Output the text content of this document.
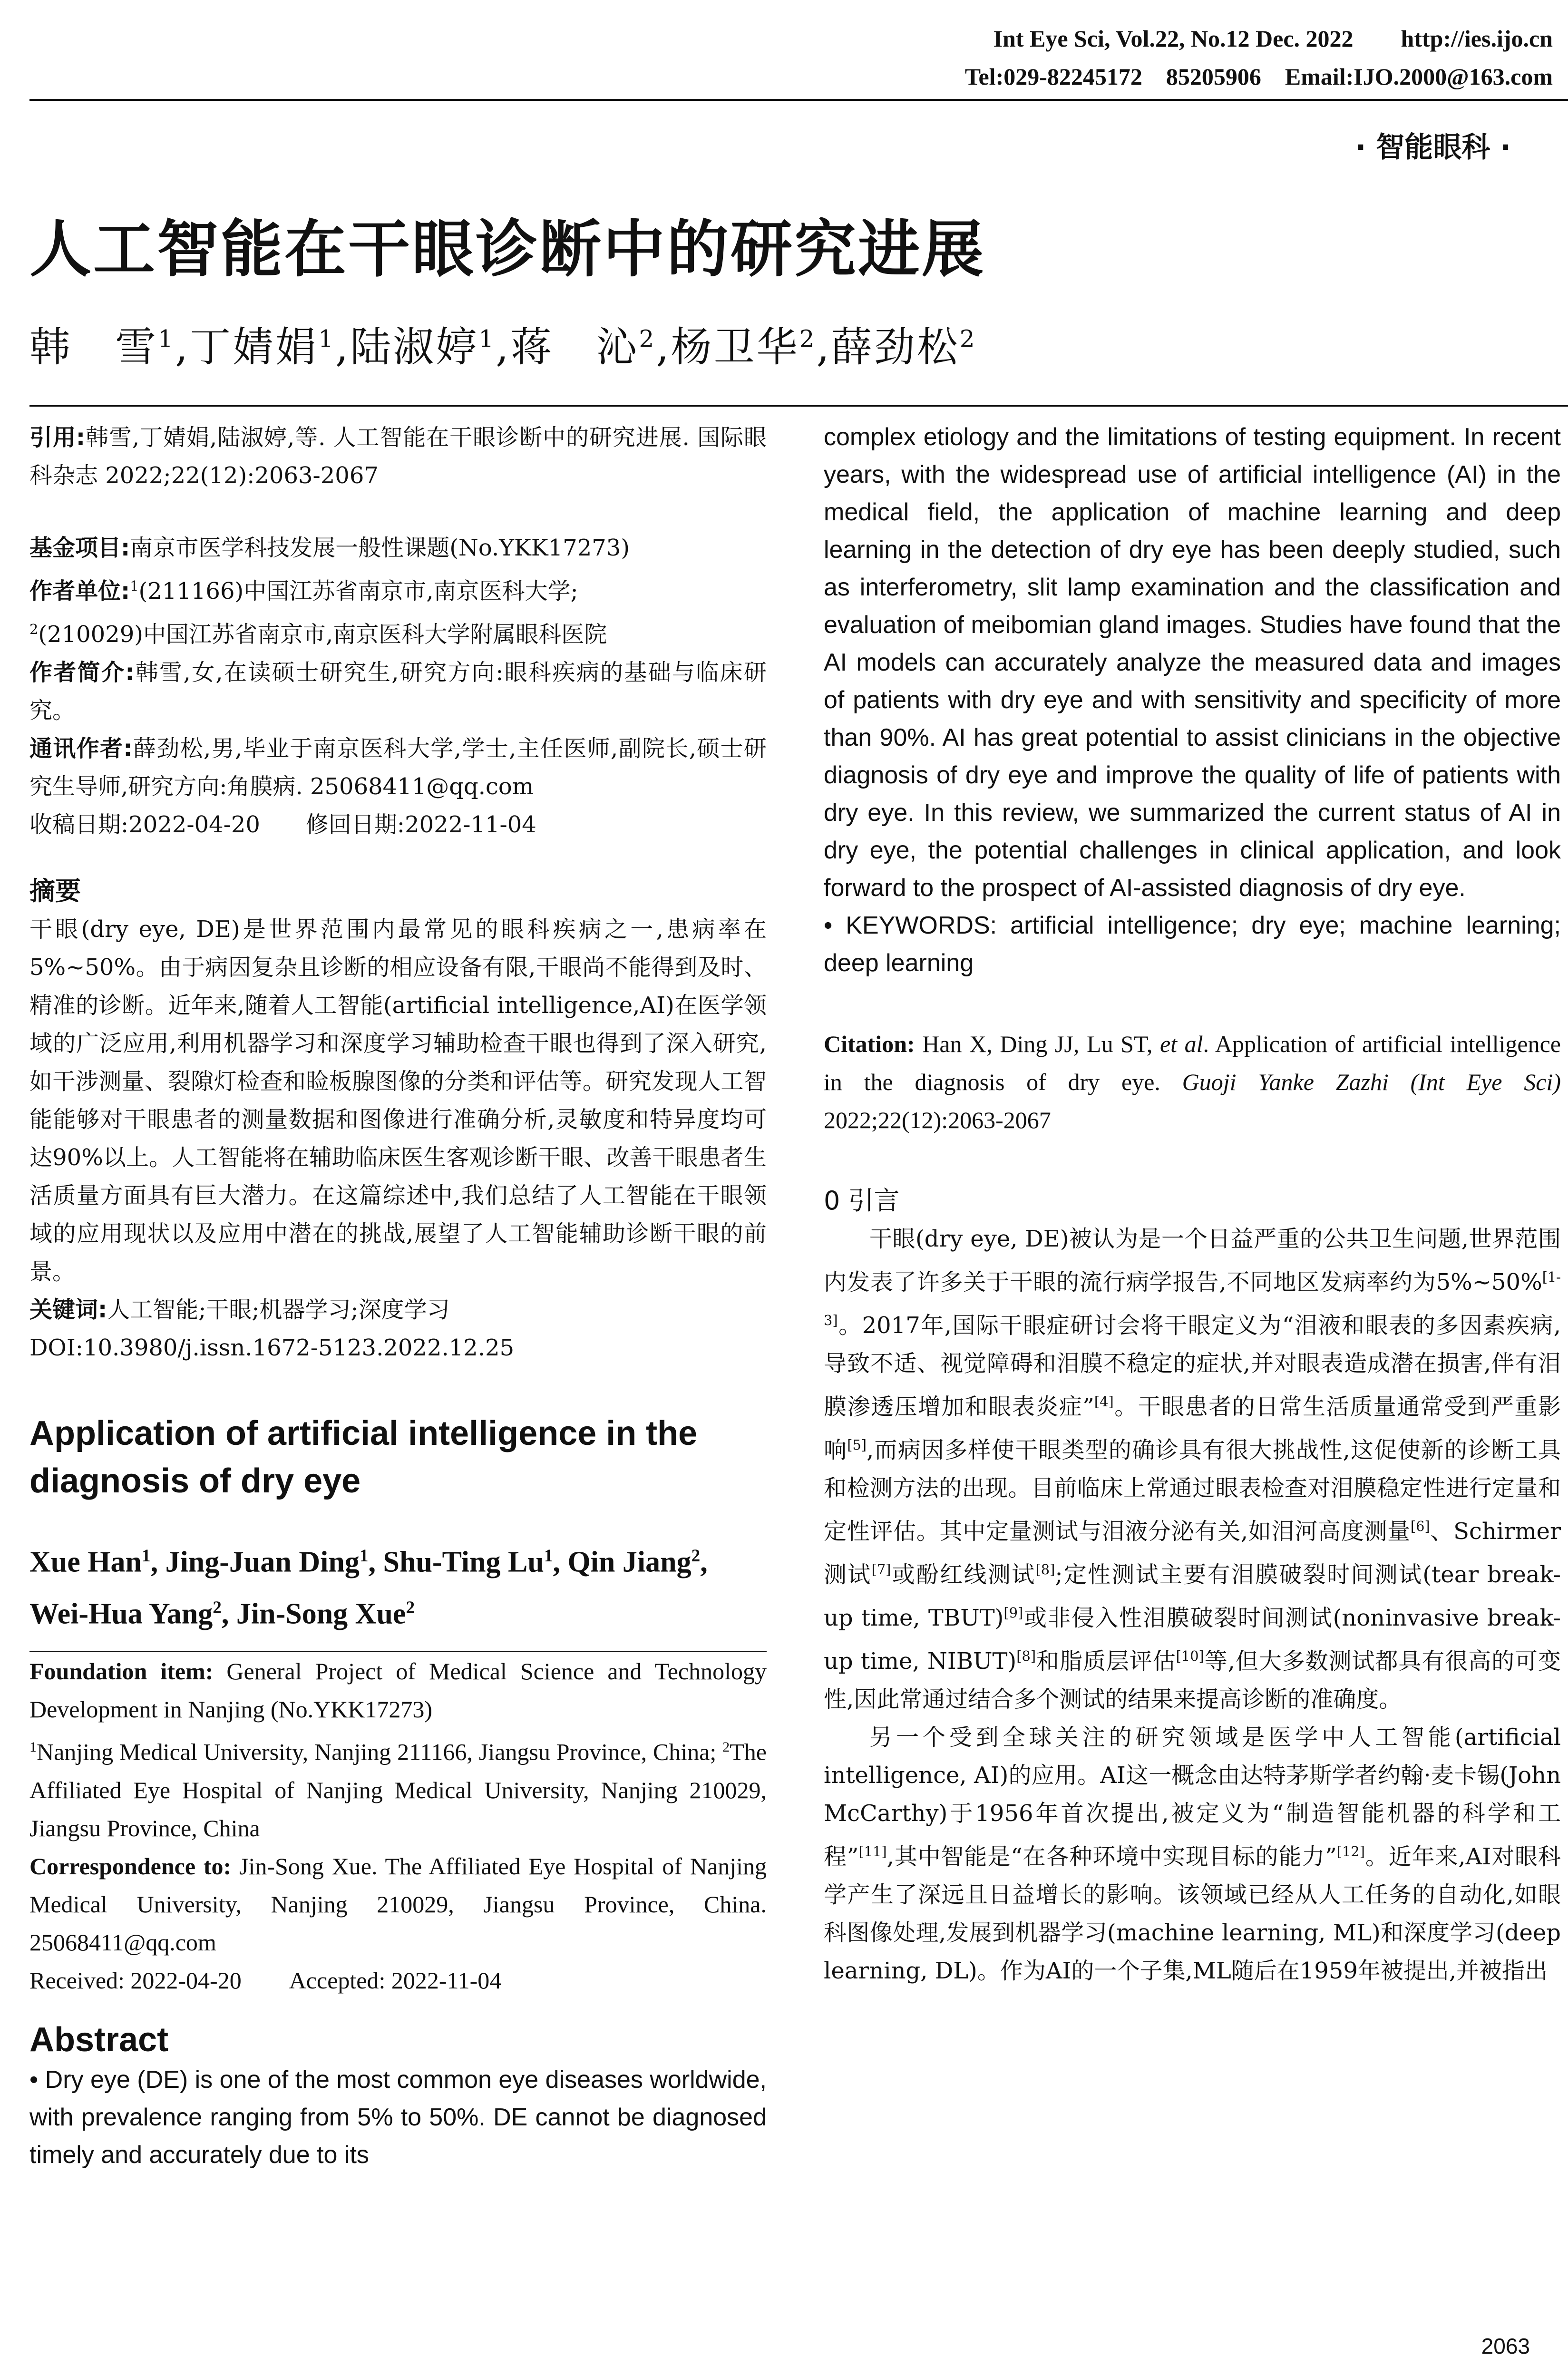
Int Eye Sci, Vol.22, No.12 Dec. 2022        http://ies.ijo.cn
Tel:029-82245172    85205906    Email:IJO.2000@163.com
· 智能眼科 ·
人工智能在干眼诊断中的研究进展
韩　雪$^1$,丁婧娟$^1$,陆淑婷$^1$,蒋　沁$^2$,杨卫华$^2$,薛劲松$^2$

引用:韩雪,丁婧娟,陆淑婷,等. 人工智能在干眼诊断中的研究进展. 国际眼科杂志 2022;22(12):2063-2067

基金项目:南京市医学科技发展一般性课题(No.YKK17273)

作者单位:$^1$(211166)中国江苏省南京市,南京医科大学;
$^2$(210029)中国江苏省南京市,南京医科大学附属眼科医院

作者简介:韩雪,女,在读硕士研究生,研究方向:眼科疾病的基础与临床研究。

通讯作者:薛劲松,男,毕业于南京医科大学,学士,主任医师,副院长,硕士研究生导师,研究方向:角膜病. 25068411@qq.com

收稿日期:2022-04-20　　修回日期:2022-11-04

摘要

干眼(dry eye, DE)是世界范围内最常见的眼科疾病之一,患病率在5%~50%。由于病因复杂且诊断的相应设备有限,干眼尚不能得到及时、精准的诊断。近年来,随着人工智能(artificial intelligence,AI)在医学领域的广泛应用,利用机器学习和深度学习辅助检查干眼也得到了深入研究,如干涉测量、裂隙灯检查和睑板腺图像的分类和评估等。研究发现人工智能能够对干眼患者的测量数据和图像进行准确分析,灵敏度和特异度均可达90%以上。人工智能将在辅助临床医生客观诊断干眼、改善干眼患者生活质量方面具有巨大潜力。在这篇综述中,我们总结了人工智能在干眼领域的应用现状以及应用中潜在的挑战,展望了人工智能辅助诊断干眼的前景。

关键词:人工智能;干眼;机器学习;深度学习

DOI:10.3980/j.issn.1672-5123.2022.12.25

Application of artificial intelligence in the diagnosis of dry eye
Xue Han$^1$, Jing-Juan Ding$^1$, Shu-Ting Lu$^1$, Qin Jiang$^2$, Wei-Hua Yang$^2$, Jin-Song Xue$^2$

Foundation item: General Project of Medical Science and Technology Development in Nanjing (No.YKK17273)

$^1$Nanjing Medical University, Nanjing 211166, Jiangsu Province, China; $^2$The Affiliated Eye Hospital of Nanjing Medical University, Nanjing 210029, Jiangsu Province, China

Correspondence to: Jin-Song Xue. The Affiliated Eye Hospital of Nanjing Medical University, Nanjing 210029, Jiangsu Province, China. 25068411@qq.com

Received: 2022-04-20　　Accepted: 2022-11-04

Abstract

• Dry eye (DE) is one of the most common eye diseases worldwide, with prevalence ranging from 5% to 50%. DE cannot be diagnosed timely and accurately due to its

complex etiology and the limitations of testing equipment. In recent years, with the widespread use of artificial intelligence (AI) in the medical field, the application of machine learning and deep learning in the detection of dry eye has been deeply studied, such as interferometry, slit lamp examination and the classification and evaluation of meibomian gland images. Studies have found that the AI models can accurately analyze the measured data and images of patients with dry eye and with sensitivity and specificity of more than 90%. AI has great potential to assist clinicians in the objective diagnosis of dry eye and improve the quality of life of patients with dry eye. In this review, we summarized the current status of AI in dry eye, the potential challenges in clinical application, and look forward to the prospect of AI-assisted diagnosis of dry eye.

• KEYWORDS: artificial intelligence; dry eye; machine learning; deep learning

Citation: Han X, Ding JJ, Lu ST, et al. Application of artificial intelligence in the diagnosis of dry eye. Guoji Yanke Zazhi (Int Eye Sci) 2022;22(12):2063-2067

0 引言

干眼(dry eye, DE)被认为是一个日益严重的公共卫生问题,世界范围内发表了许多关于干眼的流行病学报告,不同地区发病率约为5%~50%[1-3]。2017年,国际干眼症研讨会将干眼定义为“泪液和眼表的多因素疾病,导致不适、视觉障碍和泪膜不稳定的症状,并对眼表造成潜在损害,伴有泪膜渗透压增加和眼表炎症”[4]。干眼患者的日常生活质量通常受到严重影响[5],而病因多样使干眼类型的确诊具有很大挑战性,这促使新的诊断工具和检测方法的出现。目前临床上常通过眼表检查对泪膜稳定性进行定量和定性评估。其中定量测试与泪液分泌有关,如泪河高度测量[6]、Schirmer测试[7]或酚红线测试[8];定性测试主要有泪膜破裂时间测试(tear break-up time, TBUT)[9]或非侵入性泪膜破裂时间测试(noninvasive break-up time, NIBUT)[8]和脂质层评估[10]等,但大多数测试都具有很高的可变性,因此常通过结合多个测试的结果来提高诊断的准确度。

另一个受到全球关注的研究领域是医学中人工智能(artificial intelligence, AI)的应用。AI这一概念由达特茅斯学者约翰·麦卡锡(John McCarthy)于1956年首次提出,被定义为“制造智能机器的科学和工程”[11],其中智能是“在各种环境中实现目标的能力”[12]。近年来,AI对眼科学产生了深远且日益增长的影响。该领域已经从人工任务的自动化,如眼科图像处理,发展到机器学习(machine learning, ML)和深度学习(deep learning, DL)。作为AI的一个子集,ML随后在1959年被提出,并被指出

2063
